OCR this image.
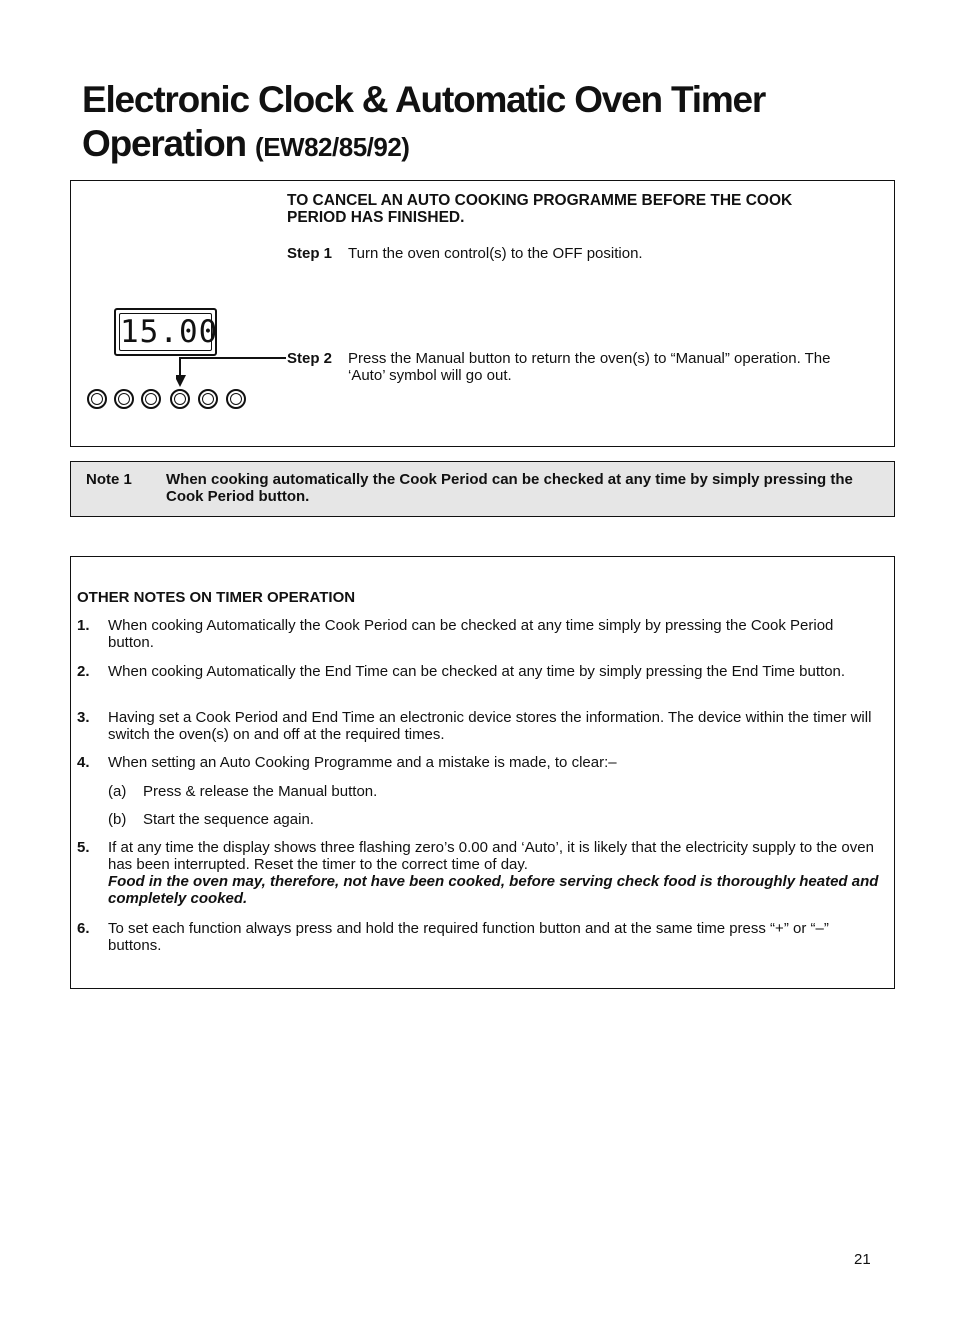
Electronic Clock & Automatic Oven Timer Operation (EW82/85/92)
TO CANCEL AN AUTO COOKING PROGRAMME BEFORE THE COOK PERIOD HAS FINISHED.
Step 1 Turn the oven control(s) to the OFF position.
15.00
Step 2 Press the Manual button to return the oven(s) to “Manual” operation. The ‘Auto’ symbol will go out.
Note 1 When cooking automatically the Cook Period can be checked at any time by simply pressing the Cook Period button.
OTHER NOTES ON TIMER OPERATION
1. When cooking Automatically the Cook Period can be checked at any time simply by pressing the Cook Period button.
2. When cooking Automatically the End Time can be checked at any time by simply pressing the End Time button.
3. Having set a Cook Period and End Time an electronic device stores the information. The device within the timer will switch the oven(s) on and off at the required times.
4. When setting an Auto Cooking Programme and a mistake is made, to clear:–
(a) Press & release the Manual button.
(b) Start the sequence again.
5. If at any time the display shows three flashing zero’s 0.00 and ‘Auto’, it is likely that the electricity supply to the oven has been interrupted. Reset the timer to the correct time of day.
Food in the oven may, therefore, not have been cooked, before serving check food is thoroughly heated and completely cooked.
6. To set each function always press and hold the required function button and at the same time press “+” or “–” buttons.
21
